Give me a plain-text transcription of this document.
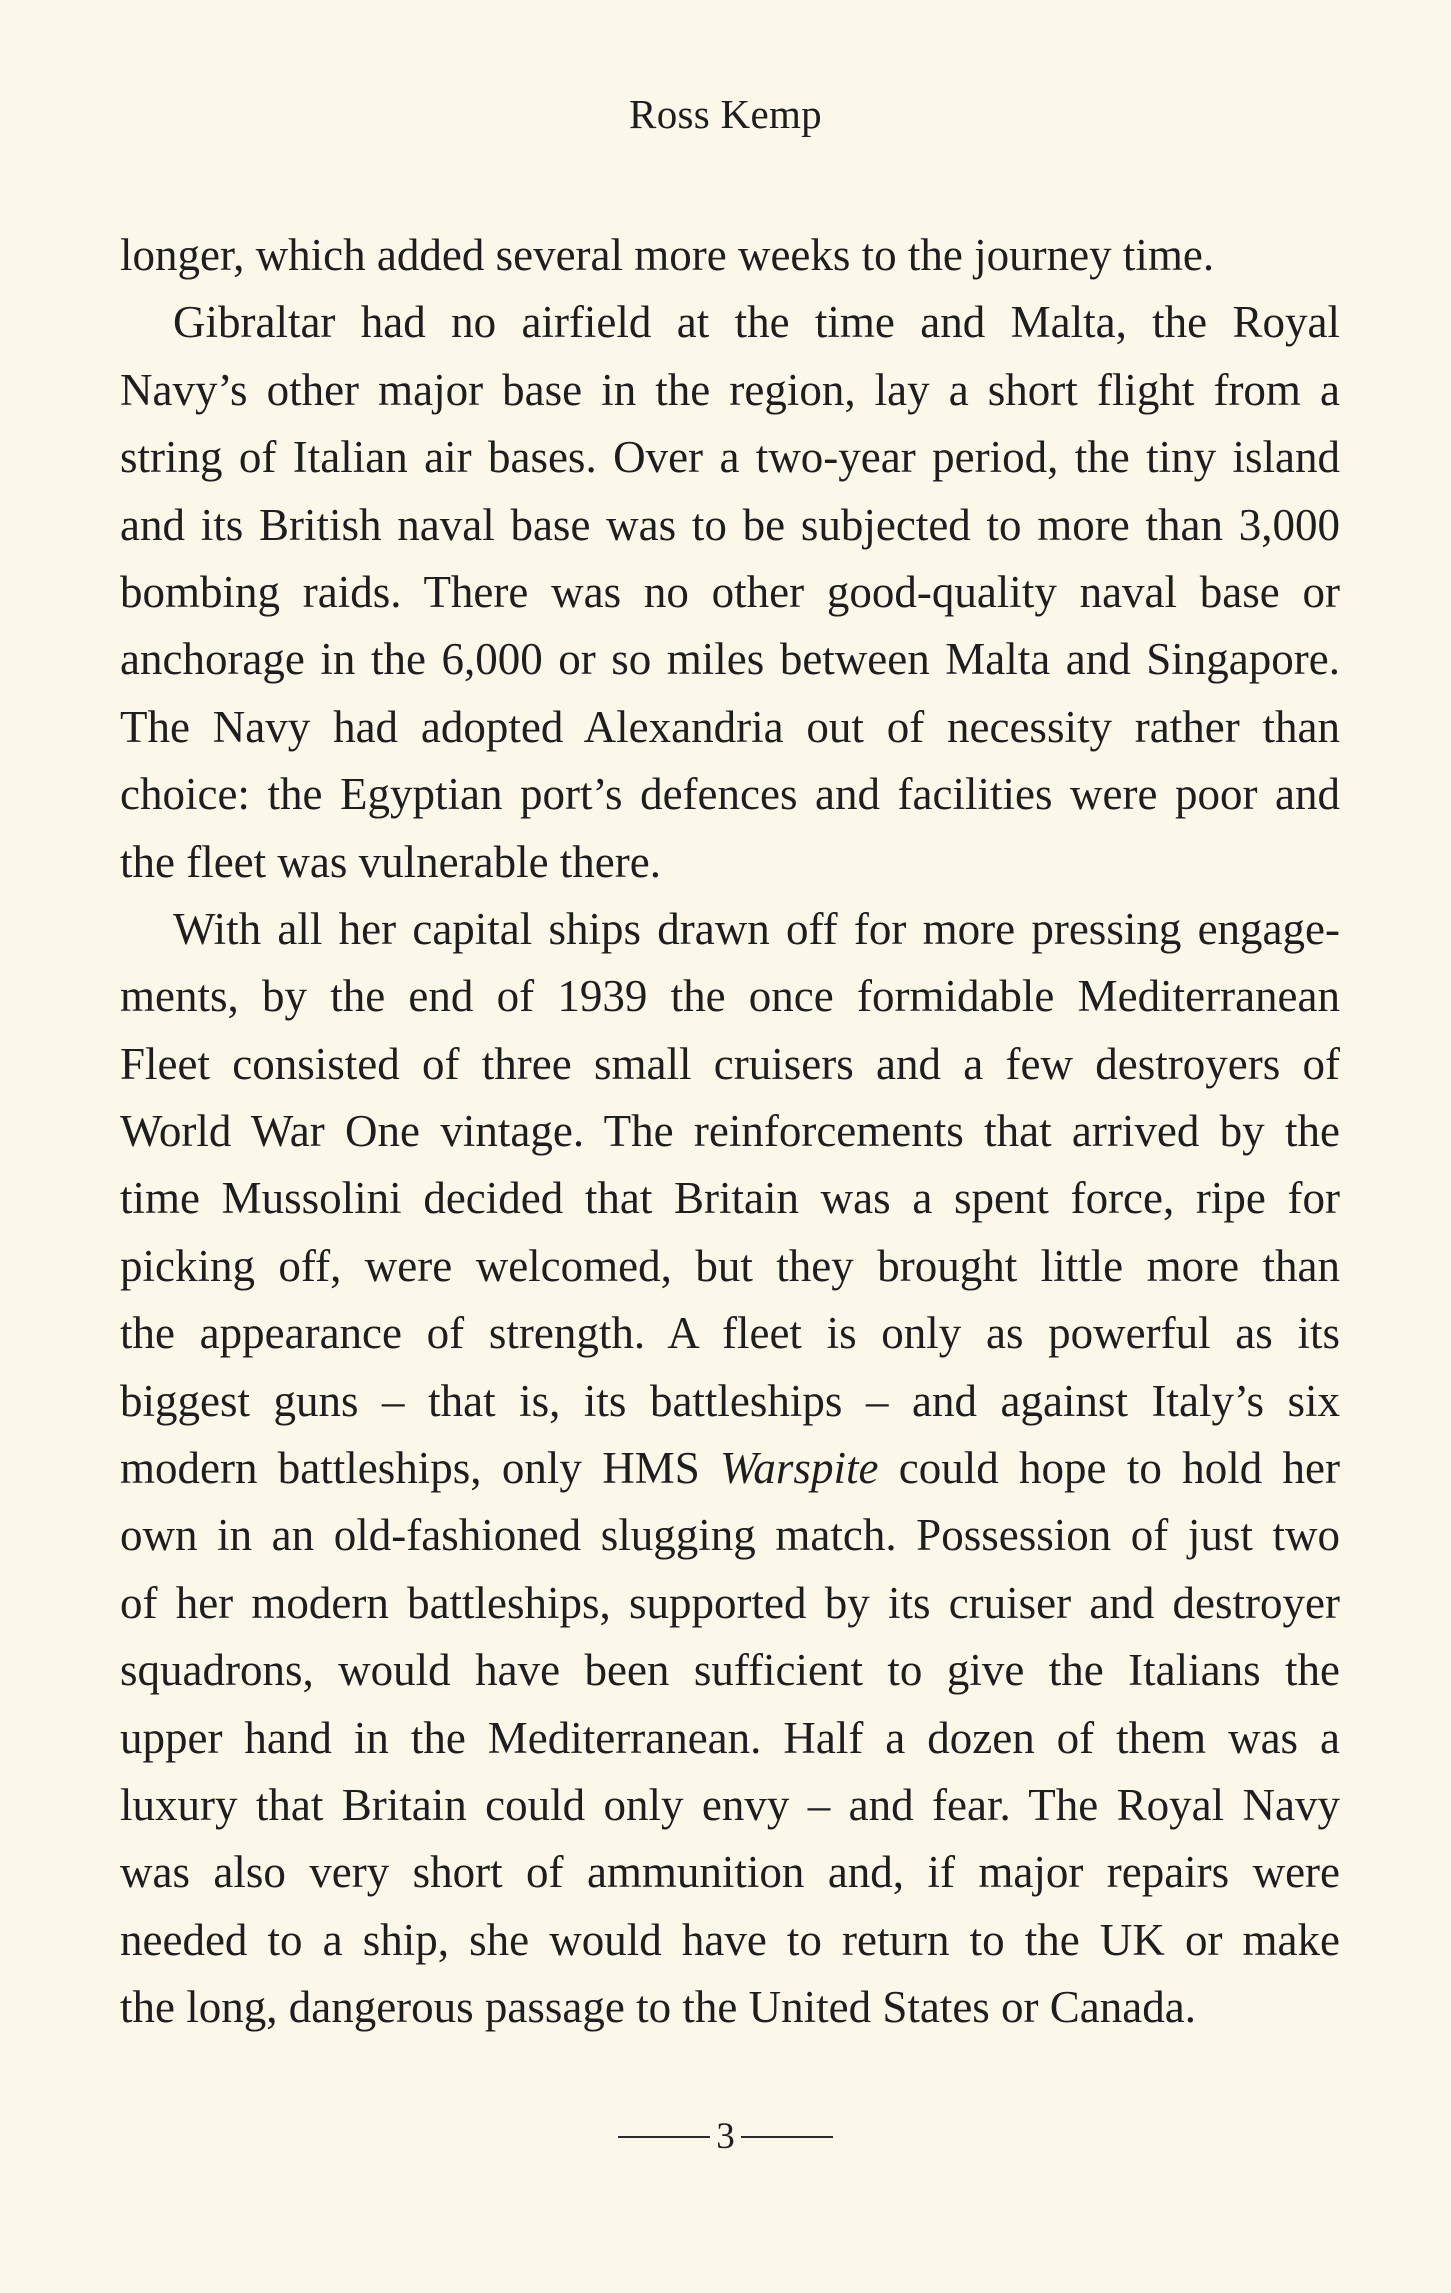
Ross Kemp
longer, which added several more weeks to the journey time.
Gibraltar had no airfield at the time and Malta, the Royal
Navy’s other major base in the region, lay a short flight from a
string of Italian air bases. Over a two-year period, the tiny island
and its British naval base was to be subjected to more than 3,000
bombing raids. There was no other good-quality naval base or
anchorage in the 6,000 or so miles between Malta and Singapore.
The Navy had adopted Alexandria out of necessity rather than
choice: the Egyptian port’s defences and facilities were poor and
the fleet was vulnerable there.
With all her capital ships drawn off for more pressing engage-
ments, by the end of 1939 the once formidable Mediterranean
Fleet consisted of three small cruisers and a few destroyers of
World War One vintage. The reinforcements that arrived by the
time Mussolini decided that Britain was a spent force, ripe for
picking off, were welcomed, but they brought little more than
the appearance of strength. A fleet is only as powerful as its
biggest guns – that is, its battleships – and against Italy’s six
modern battleships, only HMS Warspite could hope to hold her
own in an old-fashioned slugging match. Possession of just two
of her modern battleships, supported by its cruiser and destroyer
squadrons, would have been sufficient to give the Italians the
upper hand in the Mediterranean. Half a dozen of them was a
luxury that Britain could only envy – and fear. The Royal Navy
was also very short of ammunition and, if major repairs were
needed to a ship, she would have to return to the UK or make
the long, dangerous passage to the United States or Canada.
3
